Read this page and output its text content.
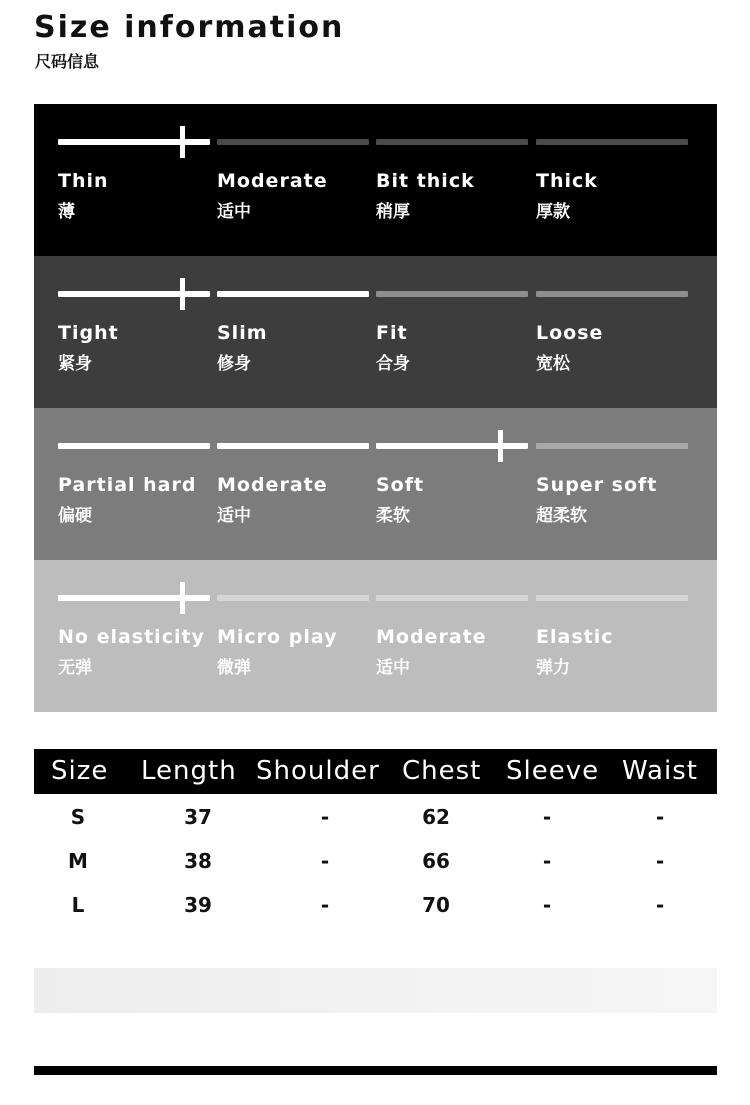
Size information
尺码信息
Thin
薄
Moderate
适中
Bit thick
稍厚
Thick
厚款
Tight
紧身
Slim
修身
Fit
合身
Loose
宽松
Partial hard
偏硬
Moderate
适中
Soft
柔软
Super soft
超柔软
No elasticity
无弹
Micro play
微弹
Moderate
适中
Elastic
弹力
Size Length Shoulder Chest Sleeve Waist
S	37	-	62	-	-
M	38	-	66	-	-
L	39	-	70	-	-
